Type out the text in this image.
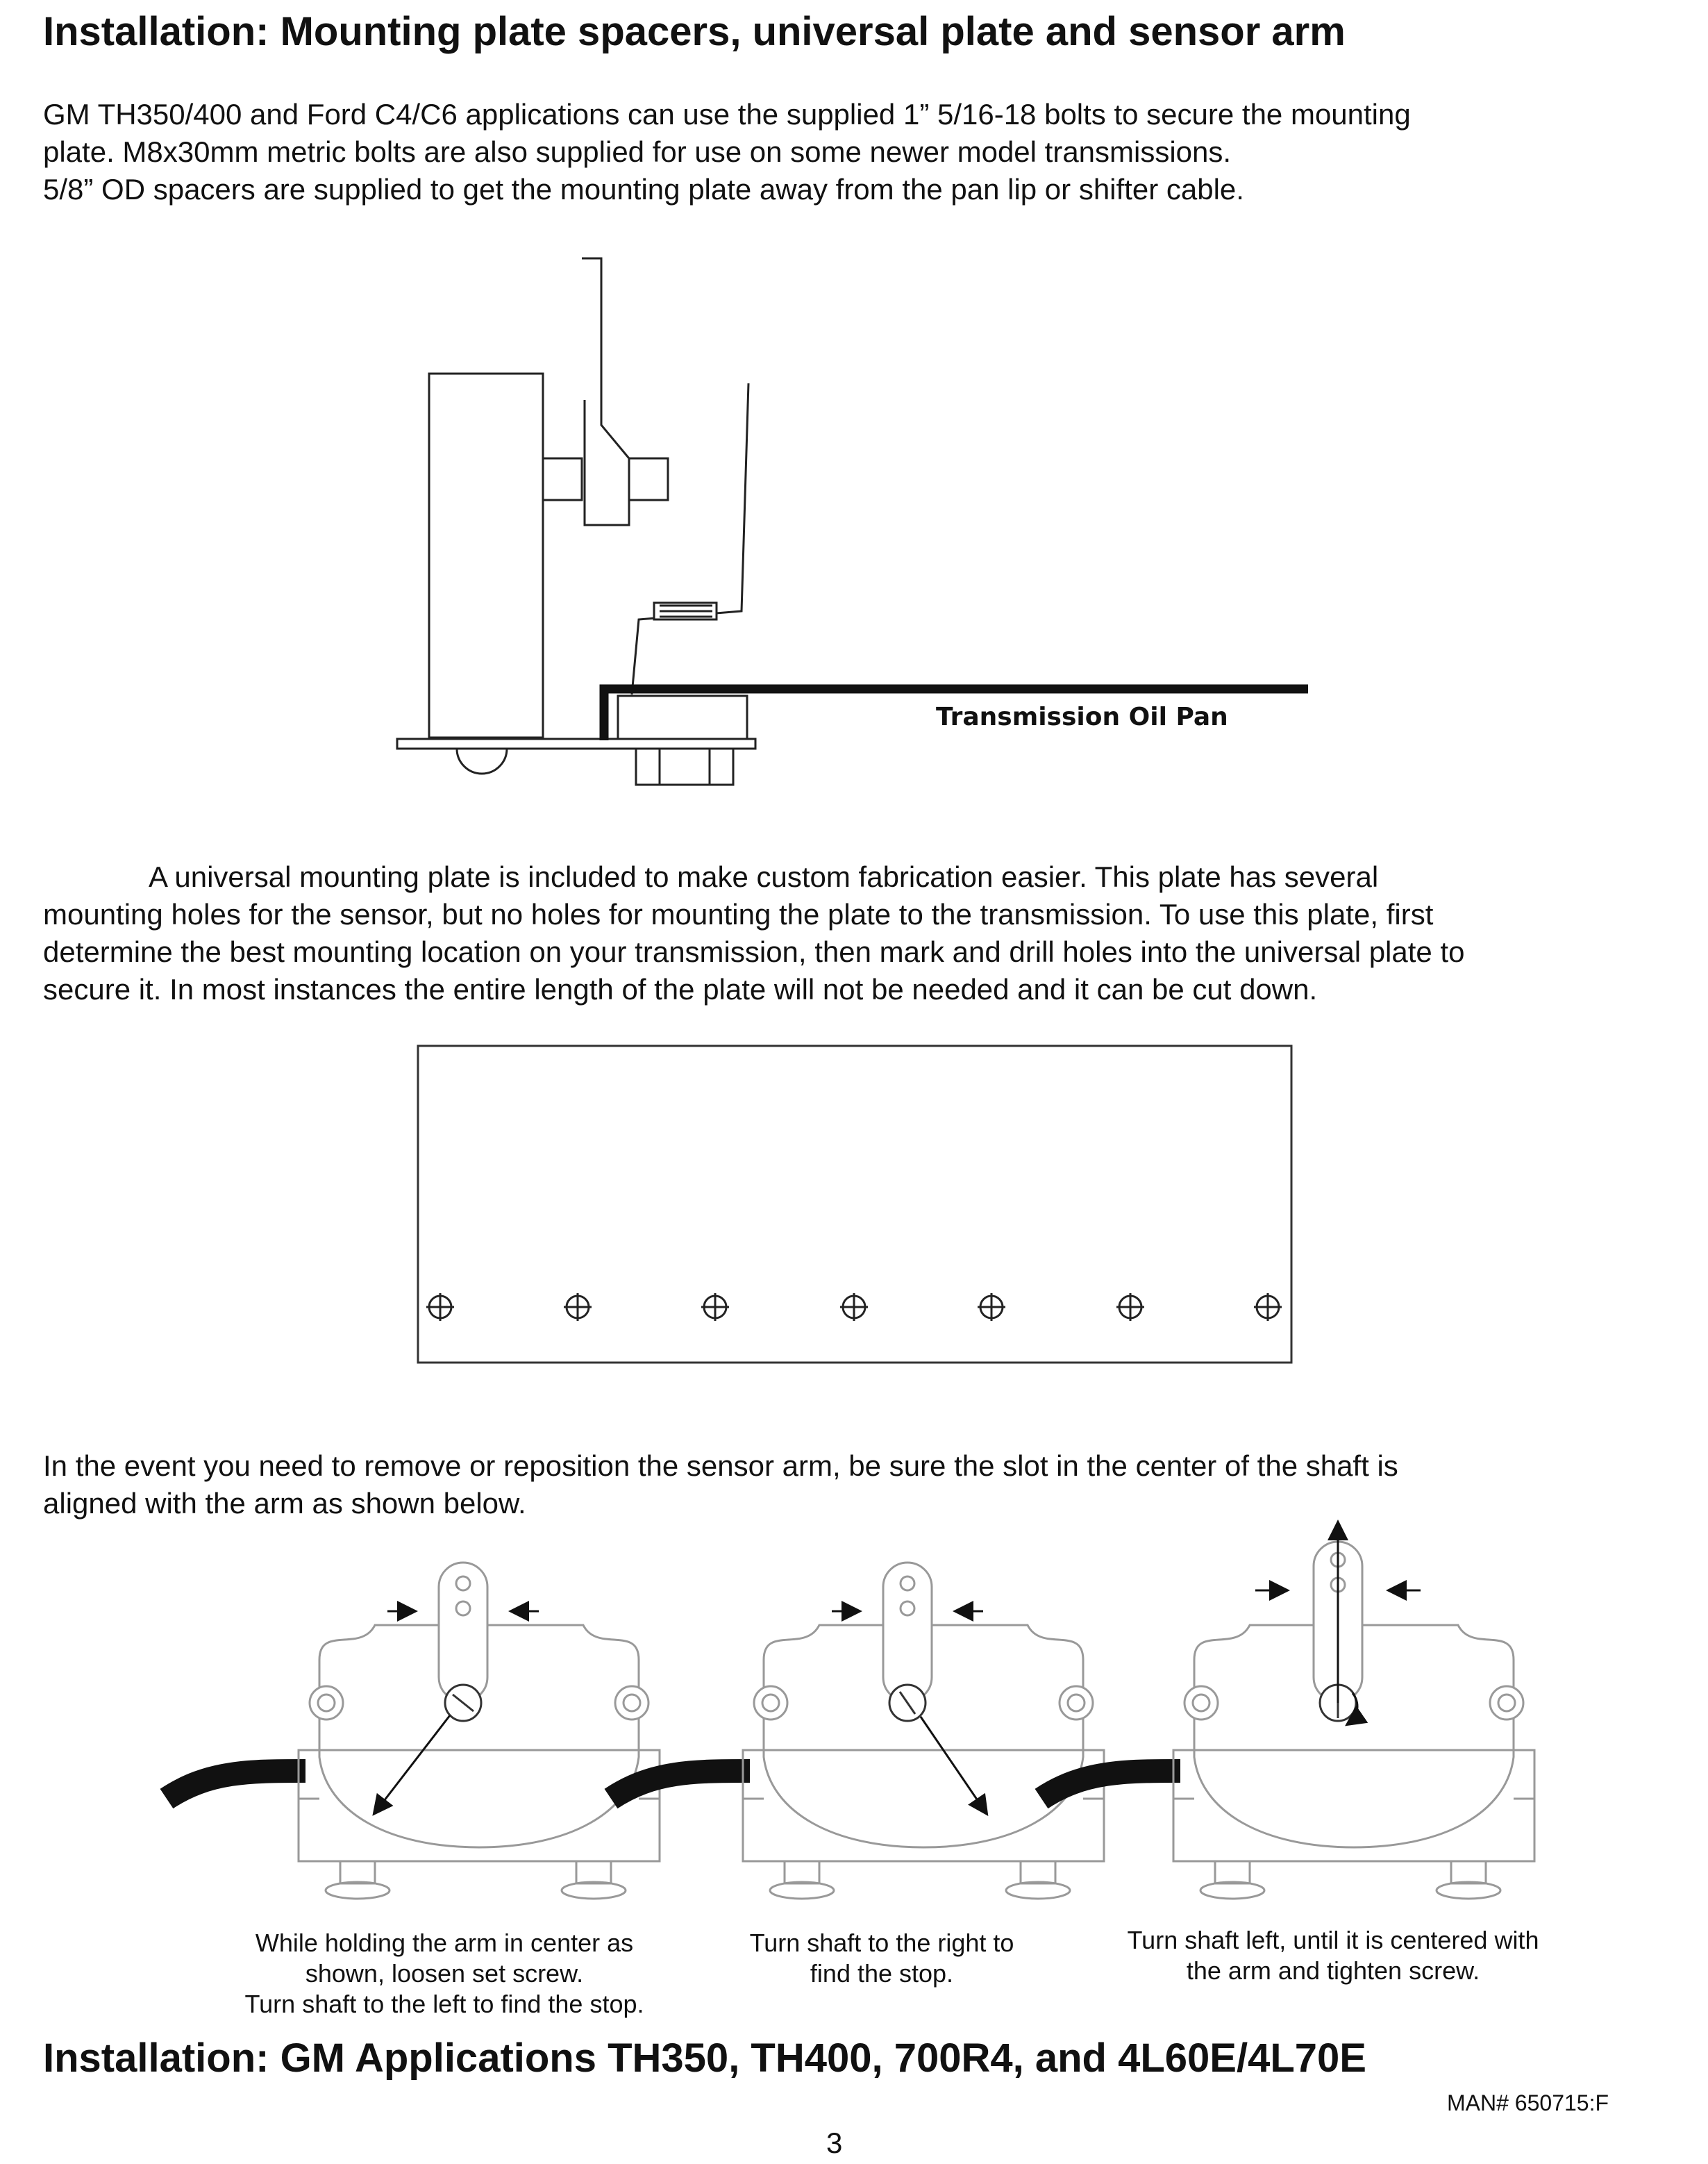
Installation: Mounting plate spacers, universal plate and sensor arm
GM TH350/400 and Ford C4/C6 applications can use the supplied 1” 5/16-18 bolts to secure the mounting
plate. M8x30mm metric bolts are also supplied for use on some newer model transmissions.
5/8” OD spacers are supplied to get the mounting plate away from the pan lip or shifter cable.
Transmission Oil Pan
A universal mounting plate is included to make custom fabrication easier. This plate has several
mounting holes for the sensor, but no holes for mounting the plate to the transmission. To use this plate, first
determine the best mounting location on your transmission, then mark and drill holes into the universal plate to
secure it. In most instances the entire length of the plate will not be needed and it can be cut down.
In the event you need to remove or reposition the sensor arm, be sure the slot in the center of the shaft is
aligned with the arm as shown below.
While holding the arm in center as
shown, loosen set screw.
Turn shaft to the left to find the stop.
Turn shaft to the right to
find the stop.
Turn shaft left, until it is centered with
the arm and tighten screw.
Installation: GM Applications TH350, TH400, 700R4, and 4L60E/4L70E
MAN# 650715:F
3
